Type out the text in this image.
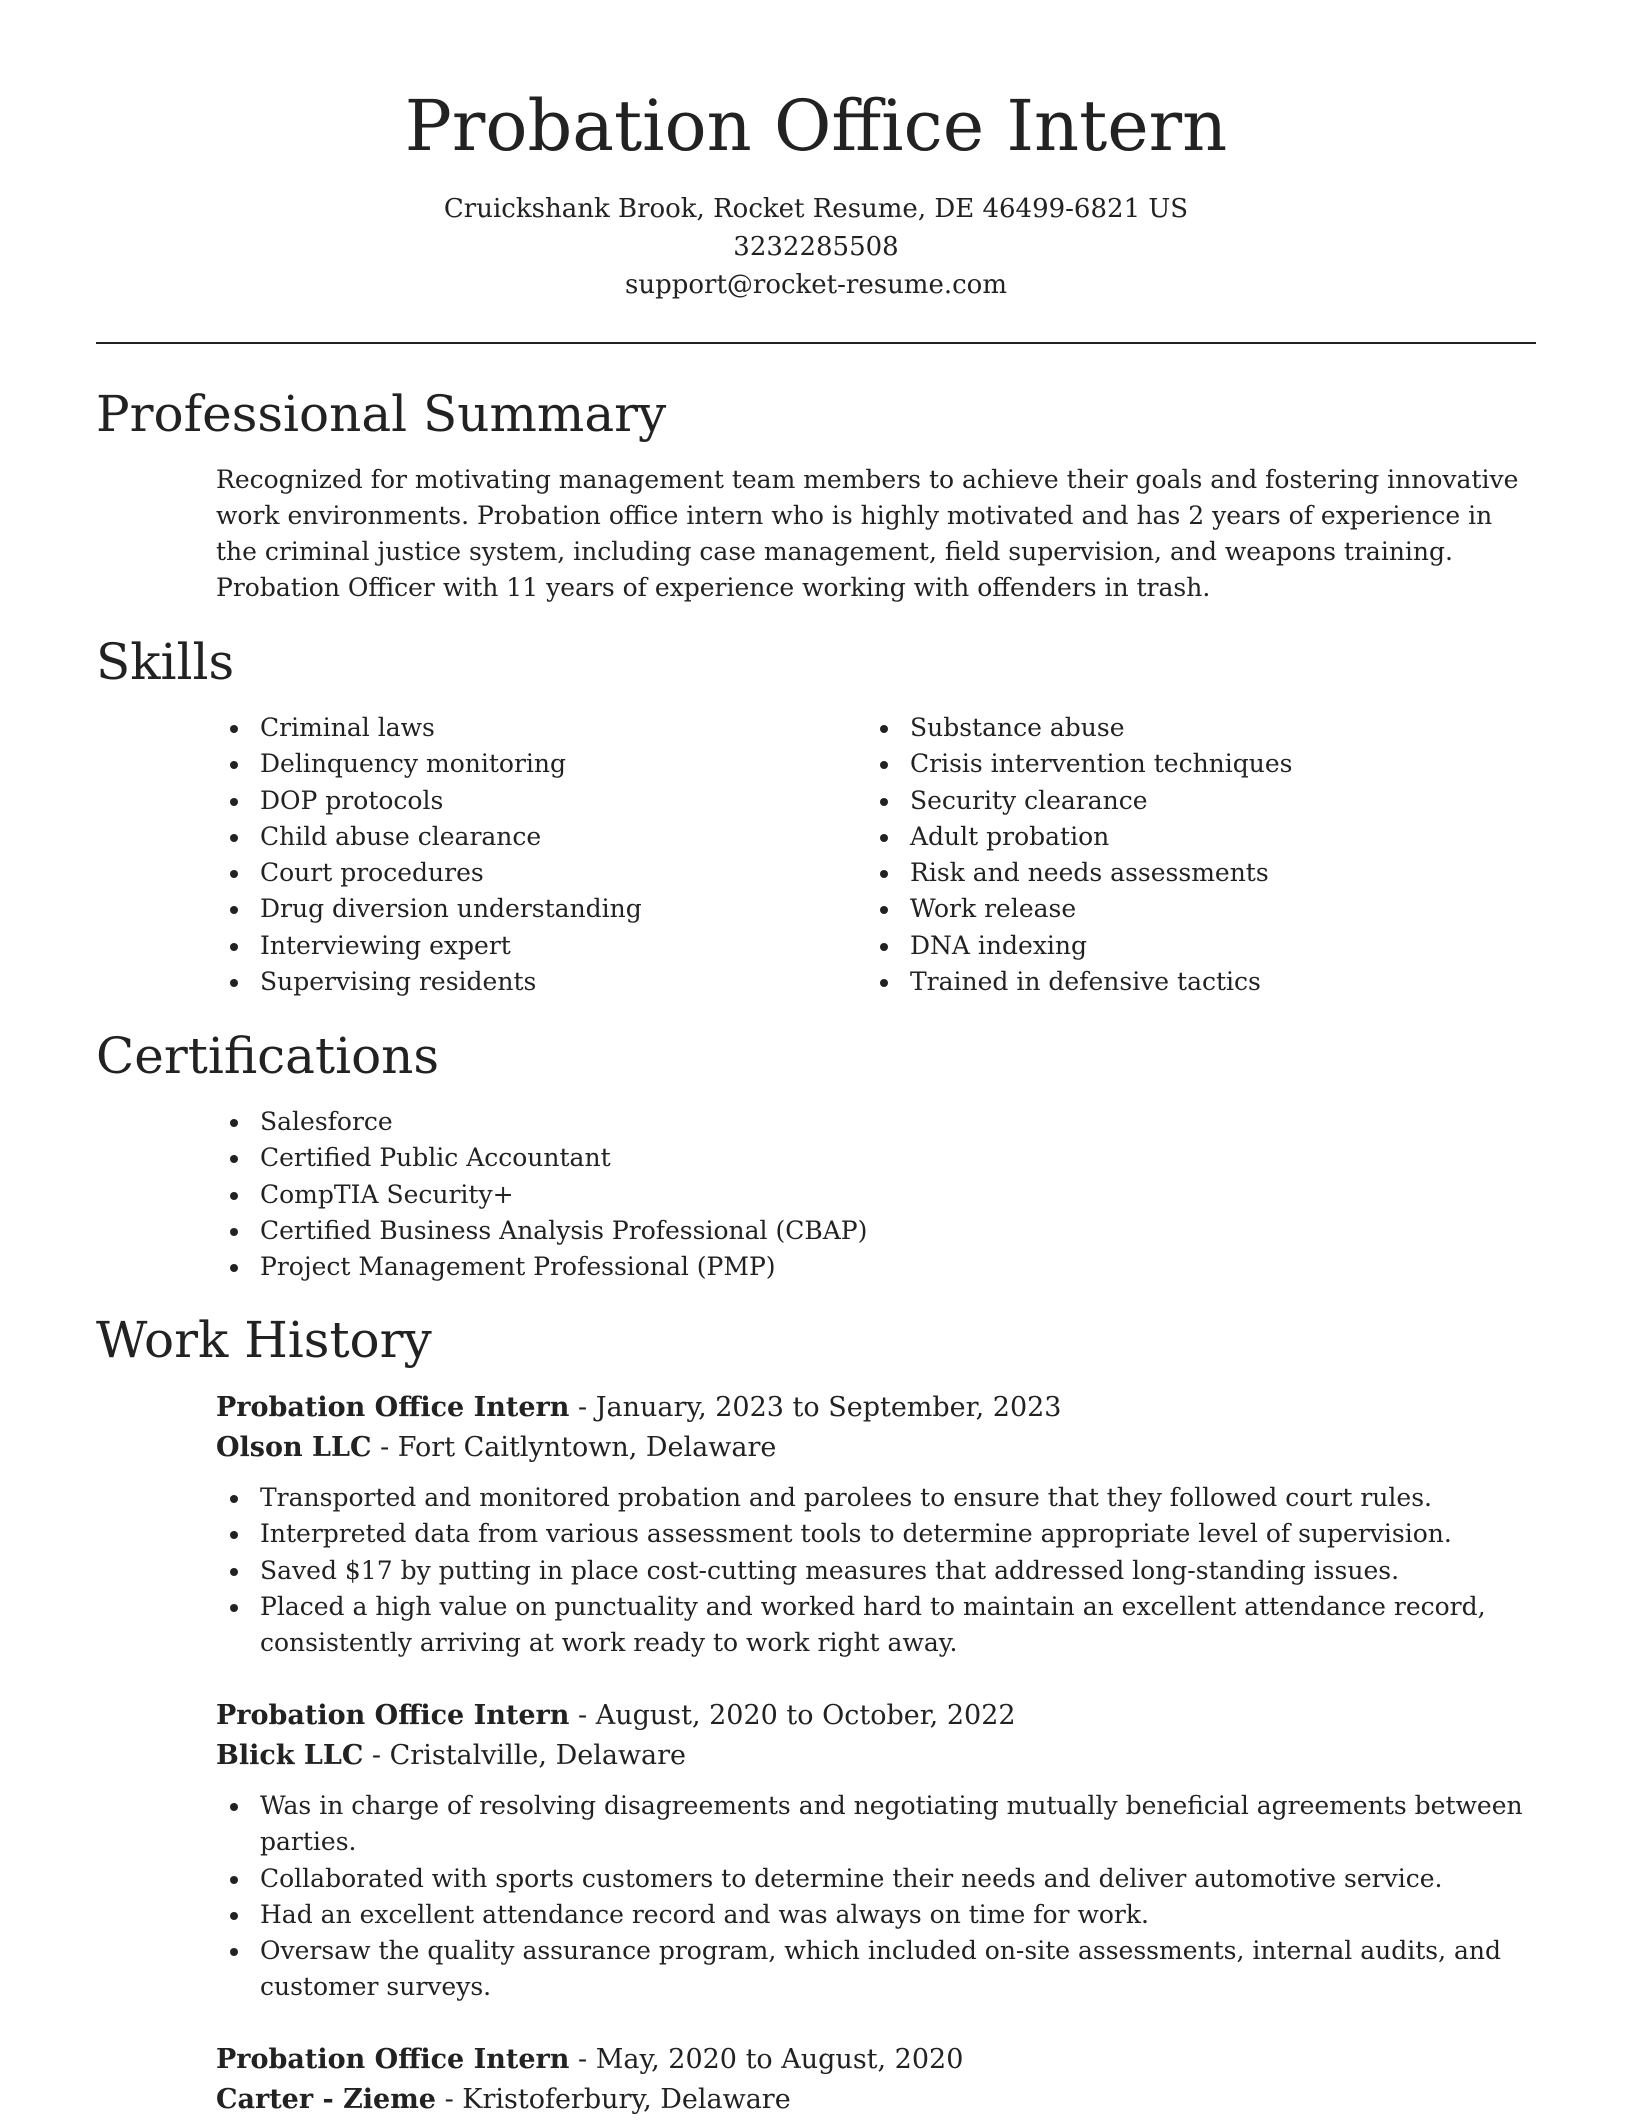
Probation Office Intern
Cruickshank Brook, Rocket Resume, DE 46499-6821 US
3232285508
support@rocket-resume.com
Professional Summary

Recognized for motivating management team members to achieve their goals and fostering innovative work environments. Probation office intern who is highly motivated and has 2 years of experience in the criminal justice system, including case management, field supervision, and weapons training. Probation Officer with 11 years of experience working with offenders in trash.

Skills
Criminal laws
Delinquency monitoring
DOP protocols
Child abuse clearance
Court procedures
Drug diversion understanding
Interviewing expert
Supervising residents
Substance abuse
Crisis intervention techniques
Security clearance
Adult probation
Risk and needs assessments
Work release
DNA indexing
Trained in defensive tactics
Certifications
Salesforce
Certified Public Accountant
CompTIA Security+
Certified Business Analysis Professional (CBAP)
Project Management Professional (PMP)
Work History
Probation Office Intern - January, 2023 to September, 2023
Olson LLC - Fort Caitlyntown, Delaware
Transported and monitored probation and parolees to ensure that they followed court rules.
Interpreted data from various assessment tools to determine appropriate level of supervision.
Saved $17 by putting in place cost-cutting measures that addressed long-standing issues.
Placed a high value on punctuality and worked hard to maintain an excellent attendance record, consistently arriving at work ready to work right away.
Probation Office Intern - August, 2020 to October, 2022
Blick LLC - Cristalville, Delaware
Was in charge of resolving disagreements and negotiating mutually beneficial agreements between parties.
Collaborated with sports customers to determine their needs and deliver automotive service.
Had an excellent attendance record and was always on time for work.
Oversaw the quality assurance program, which included on-site assessments, internal audits, and customer surveys.
Probation Office Intern - May, 2020 to August, 2020
Carter - Zieme - Kristoferbury, Delaware
